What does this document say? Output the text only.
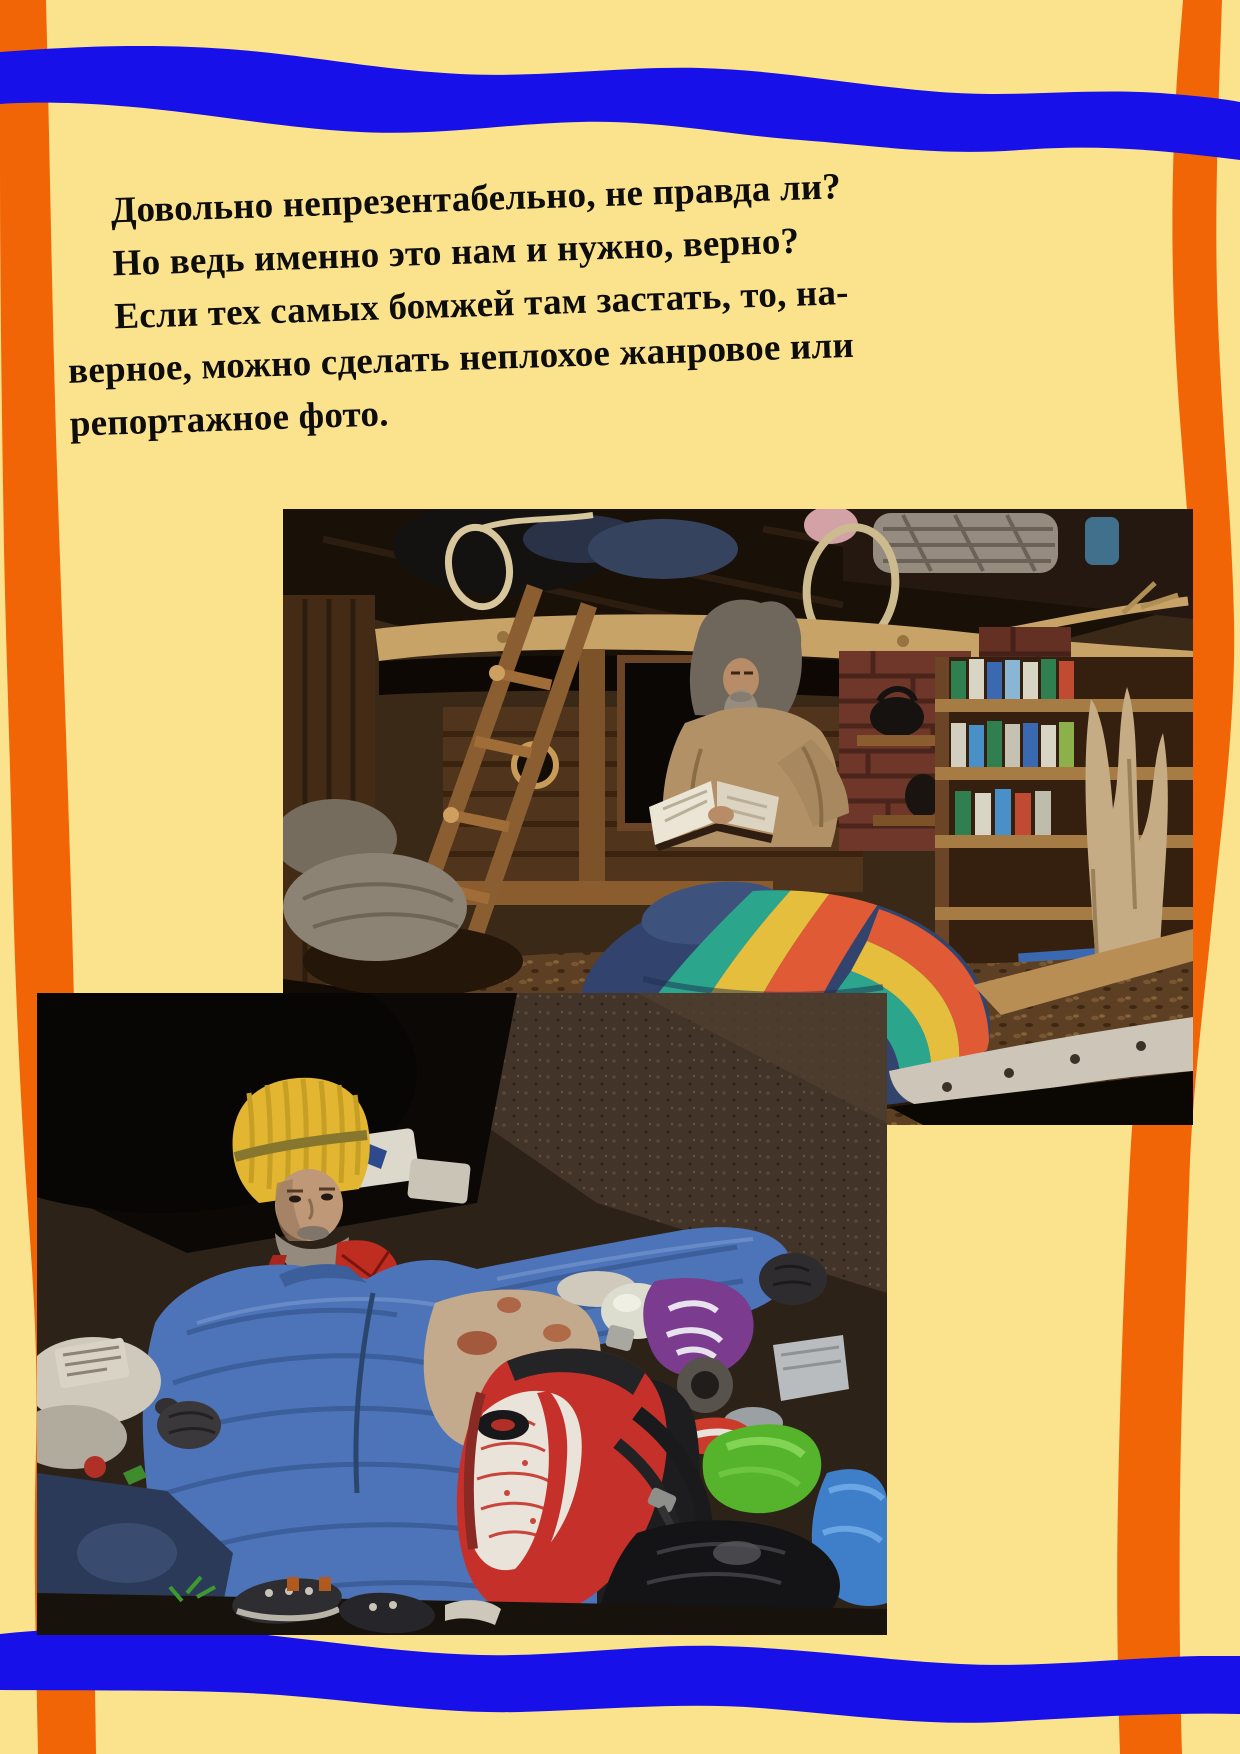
Довольно непрезентабельно, не правда ли?
Но ведь именно это нам и нужно, верно?
Если тех самых бомжей там застать, то, на-
верное, можно сделать неплохое жанровое или
репортажное фото.
